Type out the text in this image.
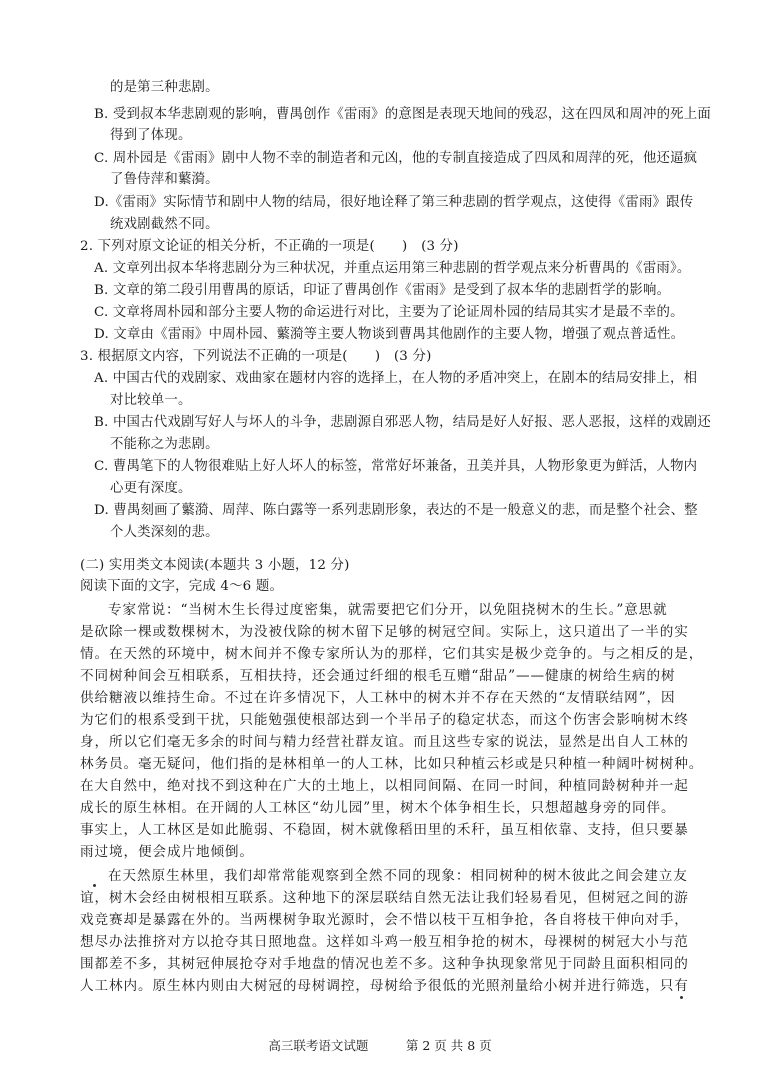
的是第三种悲剧。
B. 受到叔本华悲剧观的影响，曹禺创作《雷雨》的意图是表现天地间的残忍，这在四凤和周冲的死上面
得到了体现。
C. 周朴园是《雷雨》剧中人物不幸的制造者和元凶，他的专制直接造成了四凤和周萍的死，他还逼疯
了鲁侍萍和蘩漪。
D.《雷雨》实际情节和剧中人物的结局，很好地诠释了第三种悲剧的哲学观点，这使得《雷雨》跟传
统戏剧截然不同。
2. 下列对原文论证的相关分析，不正确的一项是(　　)　(3 分)
A. 文章列出叔本华将悲剧分为三种状况，并重点运用第三种悲剧的哲学观点来分析曹禺的《雷雨》。
B. 文章的第二段引用曹禺的原话，印证了曹禺创作《雷雨》是受到了叔本华的悲剧哲学的影响。
C. 文章将周朴园和部分主要人物的命运进行对比，主要为了论证周朴园的结局其实才是最不幸的。
D. 文章由《雷雨》中周朴园、蘩漪等主要人物谈到曹禺其他剧作的主要人物，增强了观点普适性。
3. 根据原文内容，下列说法不正确的一项是(　　)　(3 分)
A. 中国古代的戏剧家、戏曲家在题材内容的选择上，在人物的矛盾冲突上，在剧本的结局安排上，相
对比较单一。
B. 中国古代戏剧写好人与坏人的斗争，悲剧源自邪恶人物，结局是好人好报、恶人恶报，这样的戏剧还
不能称之为悲剧。
C. 曹禺笔下的人物很难贴上好人坏人的标签，常常好坏兼备，丑美并具，人物形象更为鲜活，人物内
心更有深度。
D. 曹禺刻画了蘩漪、周萍、陈白露等一系列悲剧形象，表达的不是一般意义的悲，而是整个社会、整
个人类深刻的悲。
(二) 实用类文本阅读(本题共 3 小题，12 分)
阅读下面的文字，完成 4～6 题。
专家常说：“当树木生长得过度密集，就需要把它们分开，以免阻挠树木的生长。”意思就
是砍除一棵或数棵树木，为没被伐除的树木留下足够的树冠空间。实际上，这只道出了一半的实
情。在天然的环境中，树木间并不像专家所认为的那样，它们其实是极少竞争的。与之相反的是，
不同树种间会互相联系，互相扶持，还会通过纤细的根毛互赠“甜品”——健康的树给生病的树
供给糖液以维持生命。不过在许多情况下，人工林中的树木并不存在天然的“友情联结网”，因
为它们的根系受到干扰，只能勉强使根部达到一个半吊子的稳定状态，而这个伤害会影响树木终
身，所以它们毫无多余的时间与精力经营社群友谊。而且这些专家的说法，显然是出自人工林的
林务员。毫无疑问，他们指的是林相单一的人工林，比如只种植云杉或是只种植一种阔叶树树种。
在大自然中，绝对找不到这种在广大的土地上，以相同间隔、在同一时间，种植同龄树种并一起
成长的原生林相。在开阔的人工林区“幼儿园”里，树木个体争相生长，只想超越身旁的同伴。
事实上，人工林区是如此脆弱、不稳固，树木就像稻田里的禾秆，虽互相依靠、支持，但只要暴
雨过境，便会成片地倾倒。
在天然原生林里，我们却常常能观察到全然不同的现象：相同树种的树木彼此之间会建立友
谊，树木会经由树根相互联系。这种地下的深层联结自然无法让我们轻易看见，但树冠之间的游
戏竞赛却是暴露在外的。当两棵树争取光源时，会不惜以枝干互相争抢，各自将枝干伸向对手，
想尽办法推挤对方以抢夺其日照地盘。这样如斗鸡一般互相争抢的树木，母裸树的树冠大小与范
围都差不多，其树冠伸展抢夺对手地盘的情况也差不多。这种争执现象常见于同龄且面积相同的
人工林内。原生林内则由大树冠的母树调控，母树给予很低的光照剂量给小树并进行筛选，只有
高三联考语文试题　　　第 2 页 共 8 页
